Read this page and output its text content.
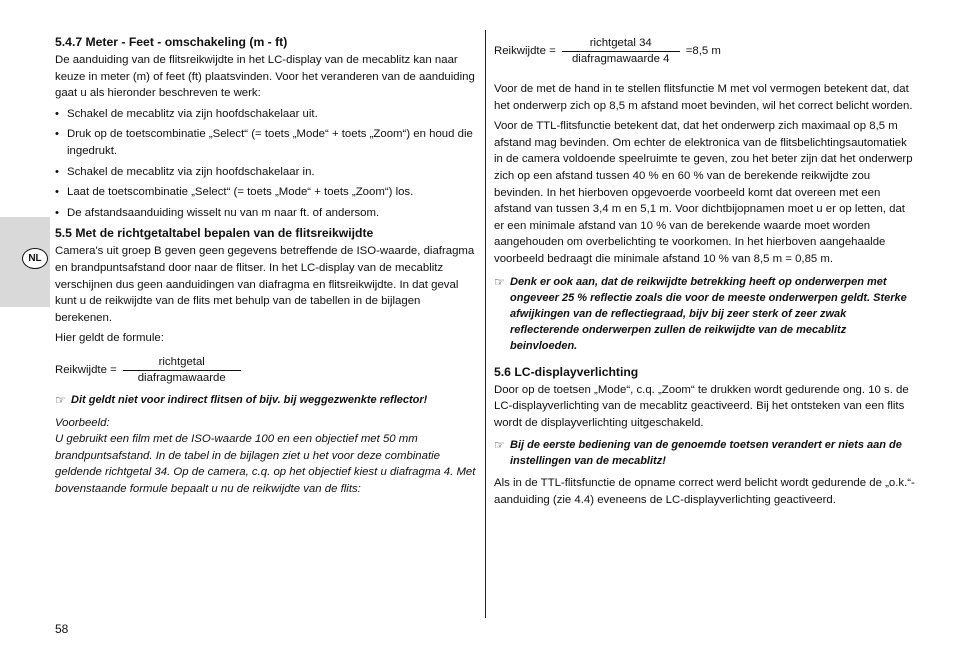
NL
5.4.7 Meter - Feet - omschakeling (m - ft)

De aanduiding van de flitsreikwijdte in het LC-display van de mecablitz kan naar keuze in meter (m) of feet (ft) plaatsvinden. Voor het veranderen van de aanduiding gaat u als hieronder beschreven te werk:

• Schakel de mecablitz via zijn hoofdschakelaar uit.
• Druk op de toetscombinatie „Select“ (= toets „Mode“ + toets „Zoom“) en houd die ingedrukt.
• Schakel de mecablitz via zijn hoofdschakelaar in.
• Laat de toetscombinatie „Select“ (= toets „Mode“ + toets „Zoom“) los.
• De afstandsaanduiding wisselt nu van m naar ft. of andersom.
5.5 Met de richtgetaltabel bepalen van de flitsreikwijdte

Camera's uit groep B geven geen gegevens betreffende de ISO-waarde, diafragma en brandpuntsafstand door naar de flitser. In het LC-display van de mecablitz verschijnen dus geen aanduidingen van diafragma en flitsreikwijdte. In dat geval kunt u de reikwijdte van de flits met behulp van de tabellen in de bijlagen berekenen.

Hier geldt de formule:

Reikwijdte = $\frac{\text{richtgetal}}{\text{diafragmawaarde}}$
☞ Dit geldt niet voor indirect flitsen of bijv. bij weggezwenkte reflector!

Voorbeeld:

U gebruikt een film met de ISO-waarde 100 en een objectief met 50 mm brandpuntsafstand. In de tabel in de bijlagen ziet u het voor deze combinatie geldende richtgetal 34. Op de camera, c.q. op het objectief kiest u diafragma 4. Met bovenstaande formule bepaalt u nu de reikwijdte van de flits:

Reikwijdte = $\frac{\text{richtgetal 34}}{\text{diafragmawaarde 4}} =8,5$ m

Voor de met de hand in te stellen flitsfunctie M met vol vermogen betekent dat, dat het onderwerp zich op 8,5 m afstand moet bevinden, wil het correct belicht worden.

Voor de TTL-flitsfunctie betekent dat, dat het onderwerp zich maximaal op 8,5 m afstand mag bevinden. Om echter de elektronica van de flitsbelichtingsautomatiek in de camera voldoende speelruimte te geven, zou het beter zijn dat het onderwerp zich op een afstand tussen 40 % en 60 % van de berekende reikwijdte zou bevinden. In het hierboven opgevoerde voorbeeld komt dat overeen met een afstand van tussen 3,4 m en 5,1 m. Voor dichtbijopnamen moet u er op letten, dat er een minimale afstand van 10 % van de berekende waarde moet worden aangehouden om overbelichting te voorkomen. In het hierboven aangehaalde voorbeeld bedraagt die minimale afstand 10 % van 8,5 m = 0,85 m.

☞ Denk er ook aan, dat de reikwijdte betrekking heeft op onderwerpen met ongeveer 25 % reflectie zoals die voor de meeste onderwerpen geldt. Sterke afwijkingen van de reflectiegraad, bijv bij zeer sterk of zeer zwak reflecterende onderwerpen zullen de reikwijdte van de mecablitz beinvloeden.
5.6 LC-displayverlichting

Door op de toetsen „Mode“, c.q. „Zoom“ te drukken wordt gedurende ong. 10 s. de LC-displayverlichting van de mecablitz geactiveerd. Bij het ontsteken van een flits wordt de displayverlichting uitgeschakeld.

☞ Bij de eerste bediening van de genoemde toetsen verandert er niets aan de instellingen van de mecablitz!

Als in de TTL-flitsfunctie de opname correct werd belicht wordt gedurende de „o.k.“-aanduiding (zie 4.4) eveneens de LC-displayverlichting geactiveerd.

58
